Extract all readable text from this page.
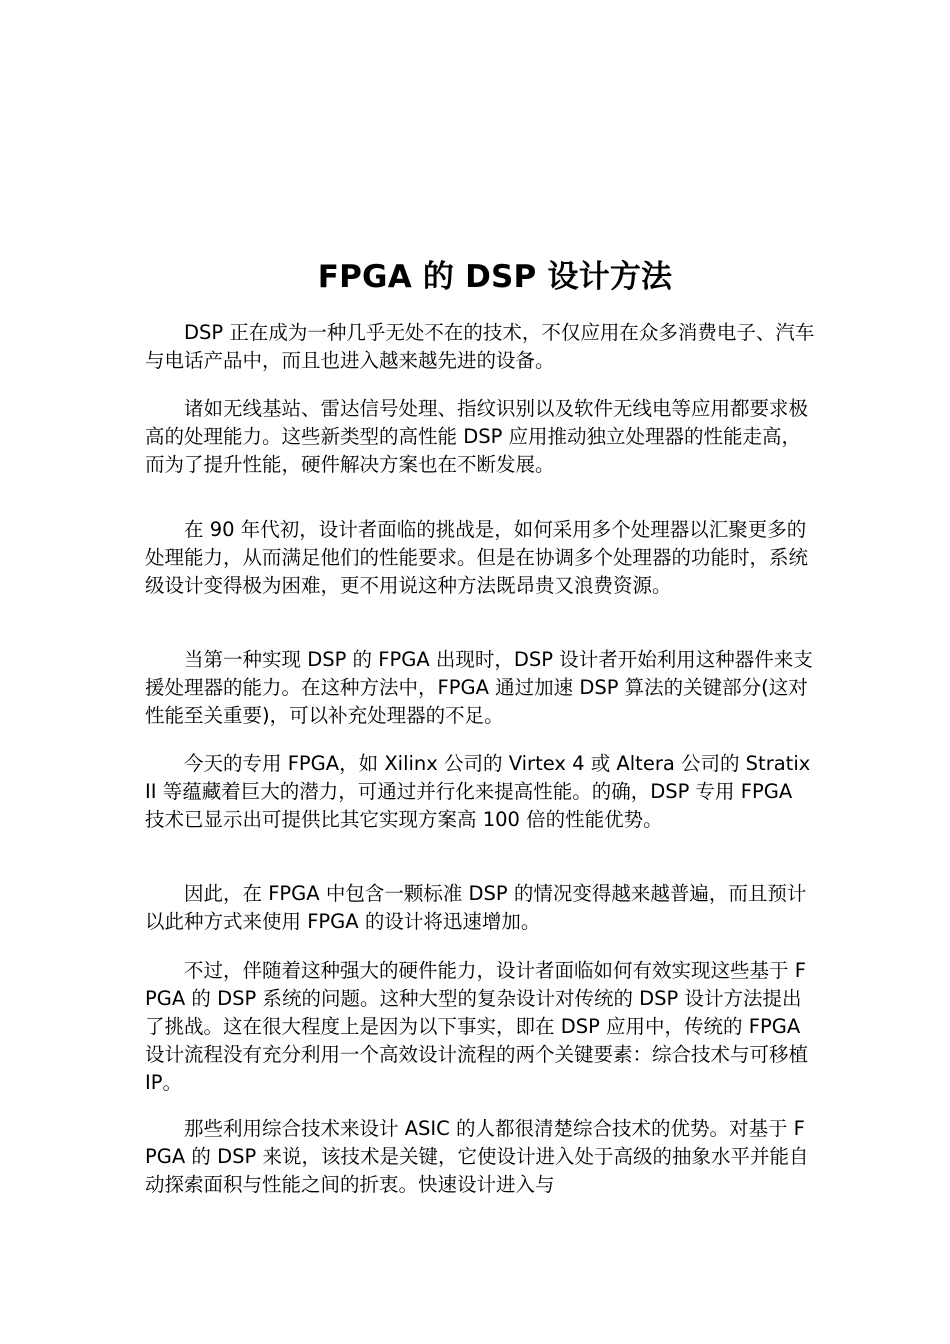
FPGA 的 DSP 设计方法

DSP 正在成为一种几乎无处不在的技术，不仅应用在众多消费电子、汽车与电话产品中，而且也进入越来越先进的设备。

诸如无线基站、雷达信号处理、指纹识别以及软件无线电等应用都要求极高的处理能力。这些新类型的高性能 DSP 应用推动独立处理器的性能走高，而为了提升性能，硬件解决方案也在不断发展。

在 90 年代初，设计者面临的挑战是，如何采用多个处理器以汇聚更多的处理能力，从而满足他们的性能要求。但是在协调多个处理器的功能时，系统级设计变得极为困难，更不用说这种方法既昂贵又浪费资源。

当第一种实现 DSP 的 FPGA 出现时，DSP 设计者开始利用这种器件来支援处理器的能力。在这种方法中，FPGA 通过加速 DSP 算法的关键部分(这对性能至关重要)，可以补充处理器的不足。

今天的专用 FPGA，如 Xilinx 公司的 Virtex 4 或 Altera 公司的 Stratix II 等蕴藏着巨大的潜力，可通过并行化来提高性能。的确，DSP 专用 FPGA 技术已显示出可提供比其它实现方案高 100 倍的性能优势。

因此，在 FPGA 中包含一颗标准 DSP 的情况变得越来越普遍，而且预计以此种方式来使用 FPGA 的设计将迅速增加。

不过，伴随着这种强大的硬件能力，设计者面临如何有效实现这些基于 FPGA 的 DSP 系统的问题。这种大型的复杂设计对传统的 DSP 设计方法提出了挑战。这在很大程度上是因为以下事实，即在 DSP 应用中，传统的 FPGA 设计流程没有充分利用一个高效设计流程的两个关键要素：综合技术与可移植 IP。

那些利用综合技术来设计 ASIC 的人都很清楚综合技术的优势。对基于 FPGA 的 DSP 来说，该技术是关键，它使设计进入处于高级的抽象水平并能自动探索面积与性能之间的折衷。快速设计进入与
